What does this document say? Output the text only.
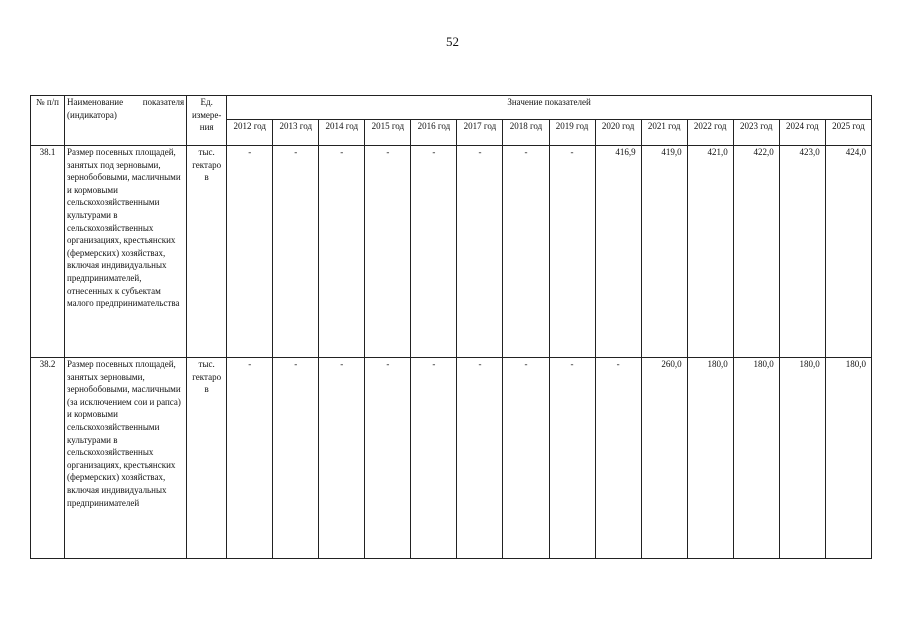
52
№ п/п	Наименование показателя (индикатора)	Ед. измере-ния	Значение показателей													
			2012 год	2013 год	2014 год	2015 год	2016 год	2017 год	2018 год	2019 год	2020 год	2021 год	2022 год	2023 год	2024 год	2025 год
38.1	Размер посевных площадей, занятых под зерновыми, зернобобовыми, масличными и кормовыми сельскохозяйственными культурами в сельскохозяйственных организациях, крестьянских (фермерских) хозяйствах, включая индивидуальных предпринимателей, отнесенных к субъектам малого предпринимательства	тыс. гектаро в	-	-	-	-	-	-	-	-	416,9	419,0	421,0	422,0	423,0	424,0
38.2	Размер посевных площадей, занятых зерновыми, зернобобовыми, масличными (за исключением сои и рапса) и кормовыми сельскохозяйственными культурами в сельскохозяйственных организациях, крестьянских (фермерских) хозяйствах, включая индивидуальных предпринимателей	тыс. гектаро в	-	-	-	-	-	-	-	-	-	260,0	180,0	180,0	180,0	180,0
